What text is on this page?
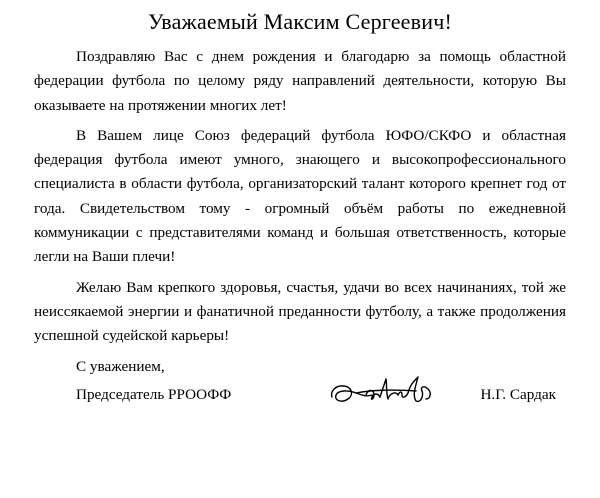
Уважаемый Максим Сергеевич!

Поздравляю Вас с днем рождения и благодарю за помощь областной федерации футбола по целому ряду направлений деятельности, которую Вы оказываете на протяжении многих лет!

В Вашем лице Союз федераций футбола ЮФО/СКФО и областная федерация футбола имеют умного, знающего и высокопрофессионального специалиста в области футбола, организаторский талант которого крепнет год от года. Свидетельством тому - огромный объём работы по ежедневной коммуникации с представителями команд и большая ответственность, которые легли на Ваши плечи!

Желаю Вам крепкого здоровья, счастья, удачи во всех начинаниях, той же неиссякаемой энергии и фанатичной преданности футболу, а также продолжения успешной судейской карьеры!

С уважением,
Председатель РРООФФ	Н.Г. Сардак
